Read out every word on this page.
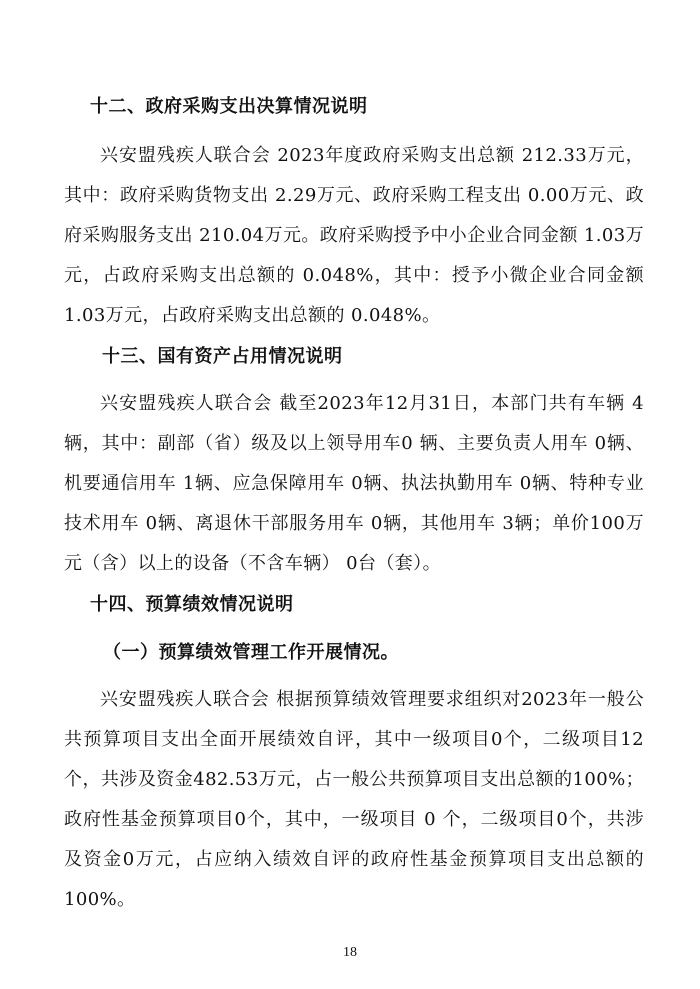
十二、政府采购支出决算情况说明
兴安盟残疾人联合会 2023年度政府采购支出总额 212.33万元，其中：政府采购货物支出 2.29万元、政府采购工程支出 0.00万元、政府采购服务支出 210.04万元。政府采购授予中小企业合同金额 1.03万元，占政府采购支出总额的 0.048%，其中：授予小微企业合同金额 1.03万元，占政府采购支出总额的 0.048%。
十三、国有资产占用情况说明
兴安盟残疾人联合会 截至2023年12月31日，本部门共有车辆 4辆，其中：副部（省）级及以上领导用车0 辆、主要负责人用车 0辆、机要通信用车 1辆、应急保障用车 0辆、执法执勤用车 0辆、特种专业技术用车 0辆、离退休干部服务用车 0辆，其他用车 3辆；单价100万元（含）以上的设备（不含车辆） 0台（套）。
十四、预算绩效情况说明
（一）预算绩效管理工作开展情况。
兴安盟残疾人联合会 根据预算绩效管理要求组织对2023年一般公共预算项目支出全面开展绩效自评，其中一级项目0个，二级项目12个，共涉及资金482.53万元，占一般公共预算项目支出总额的100%；政府性基金预算项目0个，其中，一级项目 0 个，二级项目0个，共涉及资金0万元，占应纳入绩效自评的政府性基金预算项目支出总额的100%。
18
